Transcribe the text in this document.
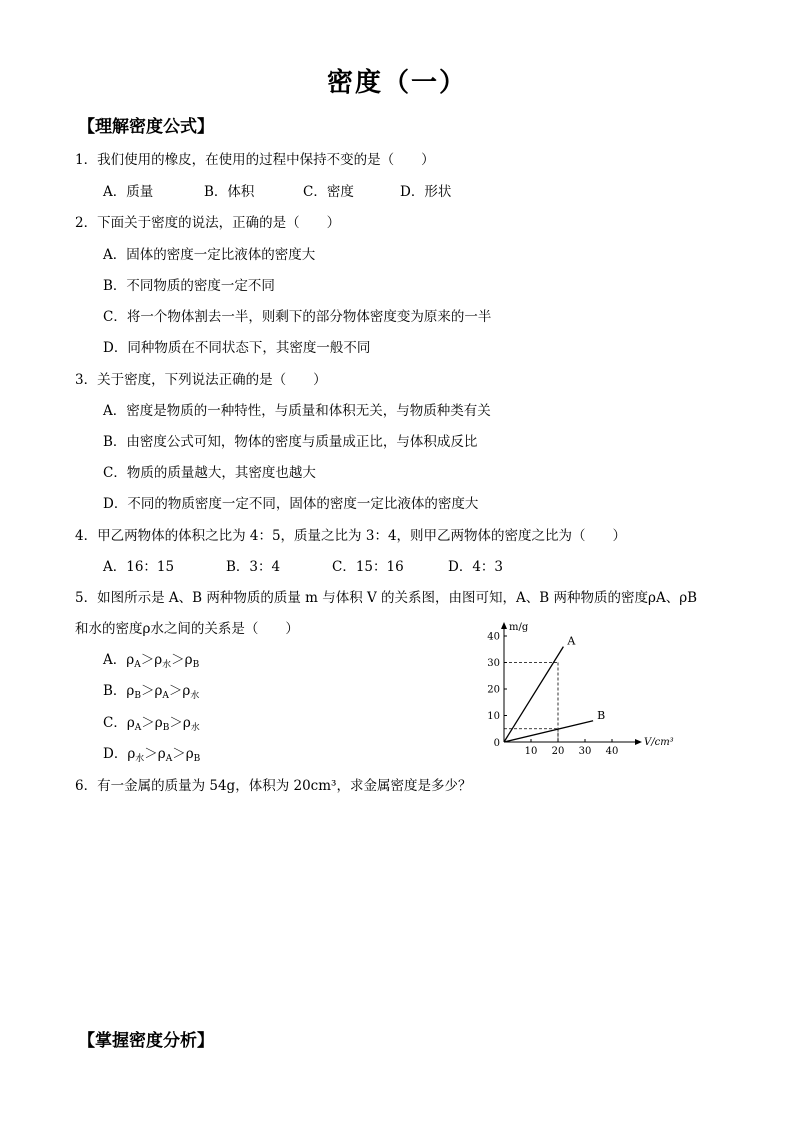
密度（一）
【理解密度公式】
1．我们使用的橡皮，在使用的过程中保持不变的是（　　）
A．质量	B．体积	C．密度	D．形状
2．下面关于密度的说法，正确的是（　　）
A．固体的密度一定比液体的密度大
B．不同物质的密度一定不同
C．将一个物体割去一半，则剩下的部分物体密度变为原来的一半
D．同种物质在不同状态下，其密度一般不同
3．关于密度，下列说法正确的是（　　）
A．密度是物质的一种特性，与质量和体积无关，与物质种类有关
B．由密度公式可知，物体的密度与质量成正比，与体积成反比
C．物质的质量越大，其密度也越大
D．不同的物质密度一定不同，固体的密度一定比液体的密度大
4．甲乙两物体的体积之比为 4：5，质量之比为 3：4，则甲乙两物体的密度之比为（　　）
A．16：15	B．3：4	C．15：16	D．4：3
5．如图所示是 A、B 两种物质的质量 m 与体积 V 的关系图，由图可知，A、B 两种物质的密度ρA、ρB
和水的密度ρ水之间的关系是（　　）
A．$\rho_A>\rho_水>\rho_B$
B．$\rho_B>\rho_A>\rho_水$
C．$\rho_A>\rho_B>\rho_水$
D．$\rho_水>\rho_A>\rho_B$
10 20 30 40
10
20
30
40
0
m/g
V/cm³
A
B
6．有一金属的质量为 54g，体积为 20cm³，求金属密度是多少？
【掌握密度分析】
